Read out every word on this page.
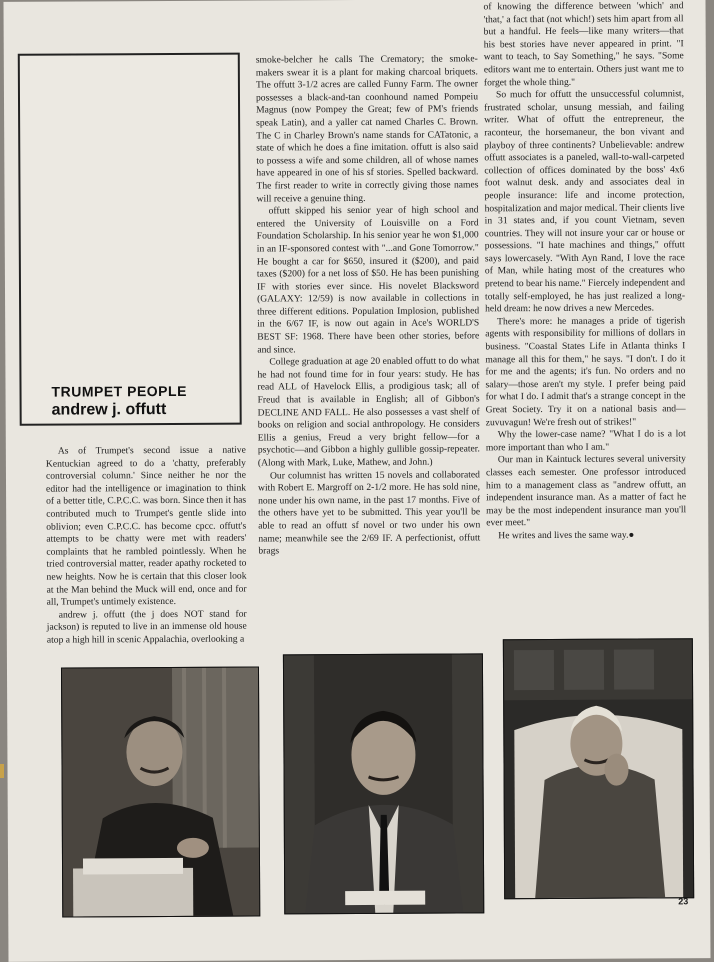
TRUMPET PEOPLE
andrew j. offutt

As of Trumpet's second issue a native Kentuckian agreed to do a 'chatty, preferably controversial column.' Since neither he nor the editor had the intelligence or imagination to think of a better title, C.P.C.C. was born. Since then it has contributed much to Trumpet's gentle slide into oblivion; even C.P.C.C. has become cpcc. offutt's attempts to be chatty were met with readers' complaints that he rambled pointlessly. When he tried controversial matter, reader apathy rocketed to new heights. Now he is certain that this closer look at the Man behind the Muck will end, once and for all, Trumpet's untimely existence.

andrew j. offutt (the j does NOT stand for jackson) is reputed to live in an immense old house atop a high hill in scenic Appalachia, overlooking a

smoke-belcher he calls The Crematory; the smoke-makers swear it is a plant for making charcoal briquets. The offutt 3-1/2 acres are called Funny Farm. The owner possesses a black-and-tan coonhound named Pompeiu Magnus (now Pompey the Great; few of PM's friends speak Latin), and a yaller cat named Charles C. Brown. The C in Charley Brown's name stands for CATatonic, a state of which he does a fine imitation. offutt is also said to possess a wife and some children, all of whose names have appeared in one of his sf stories. Spelled backward. The first reader to write in correctly giving those names will receive a genuine thing.

offutt skipped his senior year of high school and entered the University of Louisville on a Ford Foundation Scholarship. In his senior year he won $1,000 in an IF-sponsored contest with "...and Gone Tomorrow." He bought a car for $650, insured it ($200), and paid taxes ($200) for a net loss of $50. He has been punishing IF with stories ever since. His novelet Blacksword (GALAXY: 12/59) is now available in collections in three different editions. Population Implosion, published in the 6/67 IF, is now out again in Ace's WORLD'S BEST SF: 1968. There have been other stories, before and since.

College graduation at age 20 enabled offutt to do what he had not found time for in four years: study. He has read ALL of Havelock Ellis, a prodigious task; all of Freud that is available in English; all of Gibbon's DECLINE AND FALL. He also possesses a vast shelf of books on religion and social anthropology. He considers Ellis a genius, Freud a very bright fellow—for a psychotic—and Gibbon a highly gullible gossip-repeater. (Along with Mark, Luke, Mathew, and John.)

Our columnist has written 15 novels and collaborated with Robert E. Margroff on 2-1/2 more. He has sold nine, none under his own name, in the past 17 months. Five of the others have yet to be submitted. This year you'll be able to read an offutt sf novel or two under his own name; meanwhile see the 2/69 IF. A perfectionist, offutt brags

of knowing the difference between 'which' and 'that,' a fact that (not which!) sets him apart from all but a handful. He feels—like many writers—that his best stories have never appeared in print. "I want to teach, to Say Something," he says. "Some editors want me to entertain. Others just want me to forget the whole thing."

So much for offutt the unsuccessful columnist, frustrated scholar, unsung messiah, and failing writer. What of offutt the entrepreneur, the raconteur, the horsemaneur, the bon vivant and playboy of three continents? Unbelievable: andrew offutt associates is a paneled, wall-to-wall-carpeted collection of offices dominated by the boss' 4x6 foot walnut desk. andy and associates deal in people insurance: life and income protection, hospitalization and major medical. Their clients live in 31 states and, if you count Vietnam, seven countries. They will not insure your car or house or possessions. "I hate machines and things," offutt says lowercasely. "With Ayn Rand, I love the race of Man, while hating most of the creatures who pretend to bear his name." Fiercely independent and totally self-employed, he has just realized a long-held dream: he now drives a new Mercedes.

There's more: he manages a pride of tigerish agents with responsibility for millions of dollars in business. "Coastal States Life in Atlanta thinks I manage all this for them," he says. "I don't. I do it for me and the agents; it's fun. No orders and no salary—those aren't my style. I prefer being paid for what I do. I admit that's a strange concept in the Great Society. Try it on a national basis and—zuvuvagun! We're fresh out of strikes!"

Why the lower-case name? "What I do is a lot more important than who I am."

Our man in Kaintuck lectures several university classes each semester. One professor introduced him to a management class as "andrew offutt, an independent insurance man. As a matter of fact he may be the most independent insurance man you'll ever meet."

He writes and lives the same way.●

23
